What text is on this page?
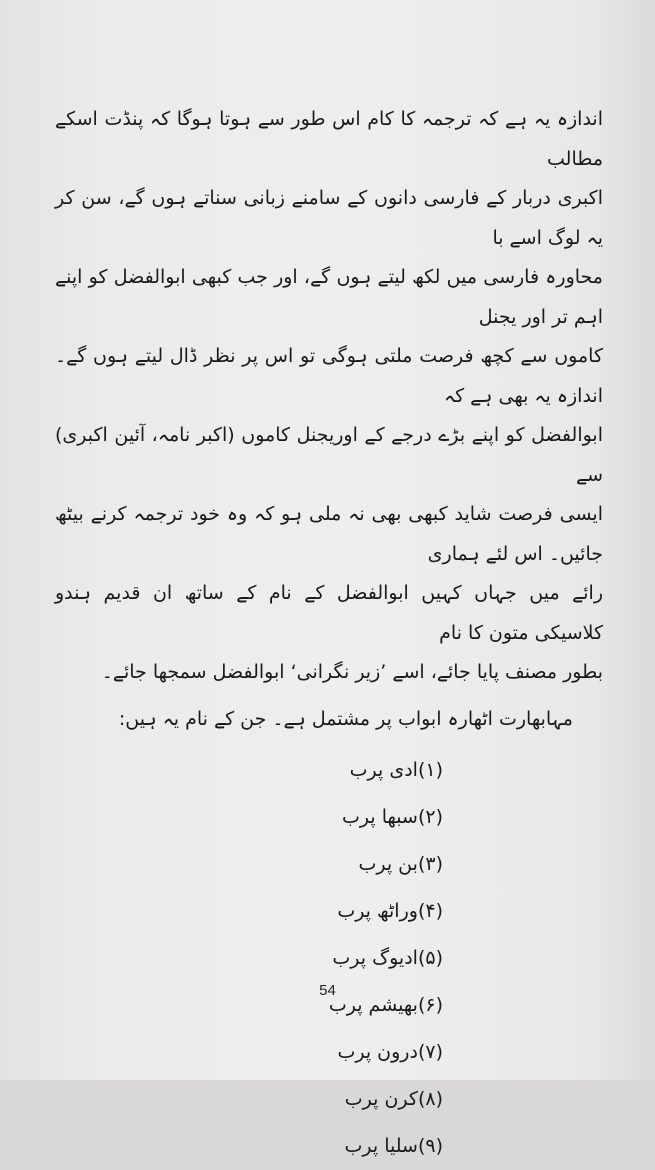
اندازہ یہ ہے کہ ترجمہ کا کام اس طور سے ہوتا ہوگا کہ پنڈت اسکے مطالب
اکبری دربار کے فارسی دانوں کے سامنے زبانی سناتے ہوں گے، سن کر یہ لوگ اسے با
محاورہ فارسی میں لکھ لیتے ہوں گے، اور جب کبھی ابوالفضل کو اپنے اہم تر اور یجنل
کاموں سے کچھ فرصت ملتی ہوگی تو اس پر نظر ڈال لیتے ہوں گے۔ اندازہ یہ بھی ہے کہ
ابوالفضل کو اپنے بڑے درجے کے اوریجنل کاموں (اکبر نامہ، آئین اکبری) سے
ایسی فرصت شاید کبھی بھی نہ ملی ہو کہ وہ خود ترجمہ کرنے بیٹھ جائیں۔ اس لئے ہماری
رائے میں جہاں کہیں ابوالفضل کے نام کے ساتھ ان قدیم ہندو کلاسیکی متون کا نام
بطور مصنف پایا جائے، اسے ’زیر نگرانی‘ ابوالفضل سمجھا جائے۔
مہابھارت اٹھارہ ابواب پر مشتمل ہے۔ جن کے نام یہ ہیں:
(۱)ادی پرب
(۲)سبھا پرب
(۳)بن پرب
(۴)وراٹھ پرب
(۵)ادیوگ پرب
(۶)بھیشم پرب
(۷)درون پرب
(۸)کرن پرب
(۹)سلیا پرب
54
